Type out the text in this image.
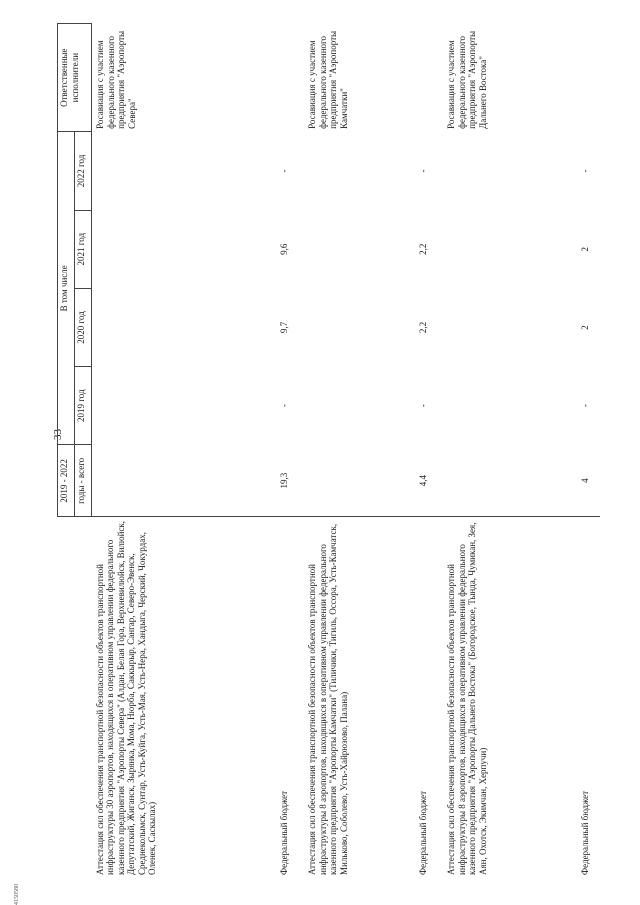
33
4150580
	2019 - 2022	В том числе				Ответственные исполнители
	годы - всего	2019 год	2020 год	2021 год	2022 год	
Аттестация сил обеспечения транспортной безопасности объектов транспортной инфраструктуры 30 аэропортов, находящихся в оперативном управлении федерального казенного предприятия "Аэропорты Севера" (Алдан, Белая Гора, Верхневилюйск, Вилюйск, Депутатский, Жиганск, Зырянка, Мома, Нюрба, Саккырыр, Сангар, Северо-Эвенск, Среднеколымск, Сунтар, Усть-Куйга, Усть-Мая, Усть-Нера, Хандыга, Черский, Чокурдах, Оленек, Саскылах)						Росавиация с участием федерального казенного предприятия "Аэропорты Севера"
Федеральный бюджет	19,3	-	9,7	9,6	-	
Аттестация сил обеспечения транспортной безопасности объектов транспортной инфраструктуры 8 аэропортов, находящихся в оперативном управлении федерального казенного предприятия "Аэропорты Камчатки" (Тиличики, Тигиль, Оссора, Усть-Камчатск, Мильково, Соболево, Усть-Хайрюзово, Палана)						Росавиация с участием федерального казенного предприятия "Аэропорты Камчатки"
Федеральный бюджет	4,4	-	2,2	2,2	-	
Аттестация сил обеспечения транспортной безопасности объектов транспортной инфраструктуры 8 аэропортов, находящихся в оперативном управлении федерального казенного предприятия "Аэропорты Дальнего Востока" (Богородское, Тында, Чумикан, Зея, Аян, Охотск, Экимчан, Херпучи)						Росавиация с участием федерального казенного предприятия "Аэропорты Дальнего Востока"
Федеральный бюджет	4	-	2	2	-	
